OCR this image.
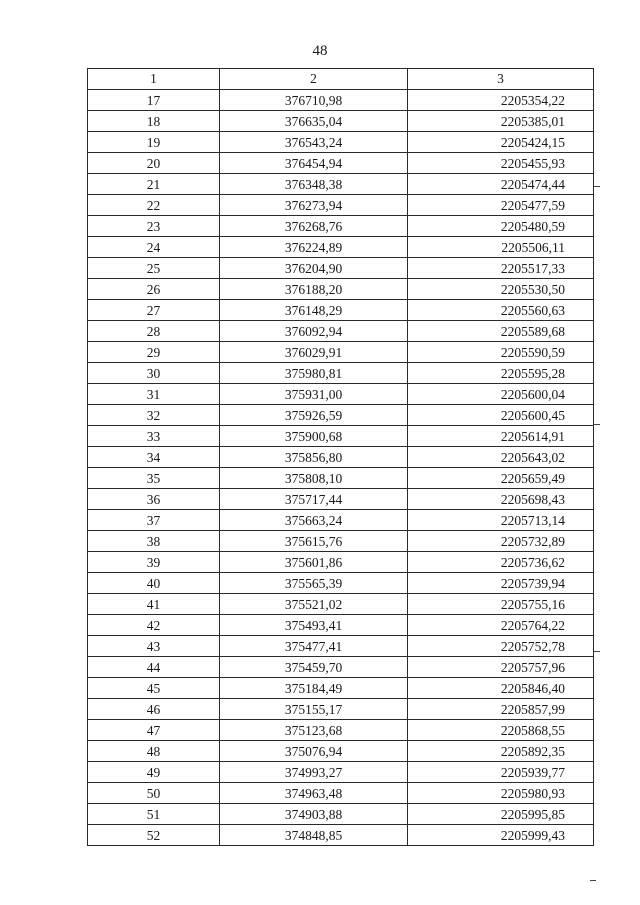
48
1	2	3
17	376710,98	2205354,22
18	376635,04	2205385,01
19	376543,24	2205424,15
20	376454,94	2205455,93
21	376348,38	2205474,44
22	376273,94	2205477,59
23	376268,76	2205480,59
24	376224,89	2205506,11
25	376204,90	2205517,33
26	376188,20	2205530,50
27	376148,29	2205560,63
28	376092,94	2205589,68
29	376029,91	2205590,59
30	375980,81	2205595,28
31	375931,00	2205600,04
32	375926,59	2205600,45
33	375900,68	2205614,91
34	375856,80	2205643,02
35	375808,10	2205659,49
36	375717,44	2205698,43
37	375663,24	2205713,14
38	375615,76	2205732,89
39	375601,86	2205736,62
40	375565,39	2205739,94
41	375521,02	2205755,16
42	375493,41	2205764,22
43	375477,41	2205752,78
44	375459,70	2205757,96
45	375184,49	2205846,40
46	375155,17	2205857,99
47	375123,68	2205868,55
48	375076,94	2205892,35
49	374993,27	2205939,77
50	374963,48	2205980,93
51	374903,88	2205995,85
52	374848,85	2205999,43
